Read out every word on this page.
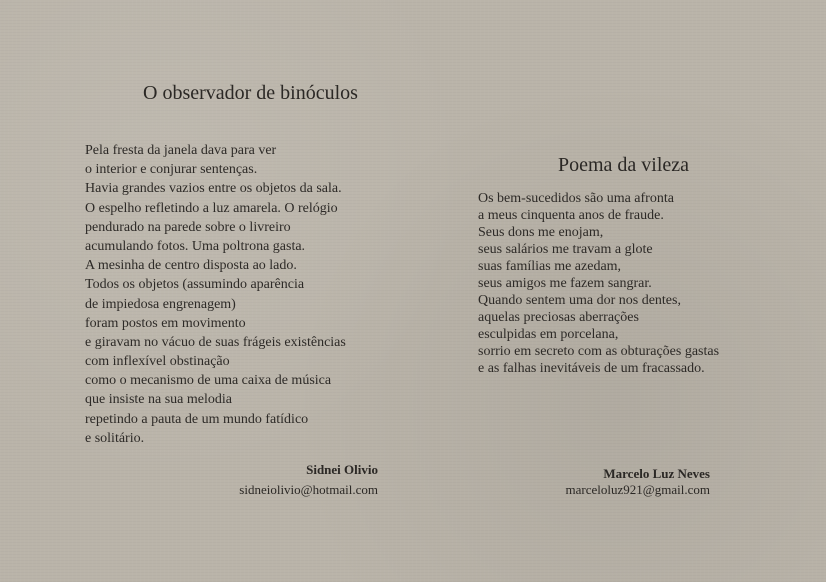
O observador de binóculos
Pela fresta da janela dava para ver
o interior e conjurar sentenças.
Havia grandes vazios entre os objetos da sala.
O espelho refletindo a luz amarela. O relógio
pendurado na parede sobre o livreiro
acumulando fotos. Uma poltrona gasta.
A mesinha de centro disposta ao lado.
Todos os objetos (assumindo aparência
de impiedosa engrenagem)
foram postos em movimento
e giravam no vácuo de suas frágeis existências
com inflexível obstinação
como o mecanismo de uma caixa de música
que insiste na sua melodia
repetindo a pauta de um mundo fatídico
e solitário.
Sidnei Olivio
sidneiolivio@hotmail.com
Poema da vileza
Os bem-sucedidos são uma afronta
a meus cinquenta anos de fraude.
Seus dons me enojam,
seus salários me travam a glote
suas famílias me azedam,
seus amigos me fazem sangrar.
Quando sentem uma dor nos dentes,
aquelas preciosas aberrações
esculpidas em porcelana,
sorrio em secreto com as obturações gastas
e as falhas inevitáveis de um fracassado.
Marcelo Luz Neves
marceloluz921@gmail.com
